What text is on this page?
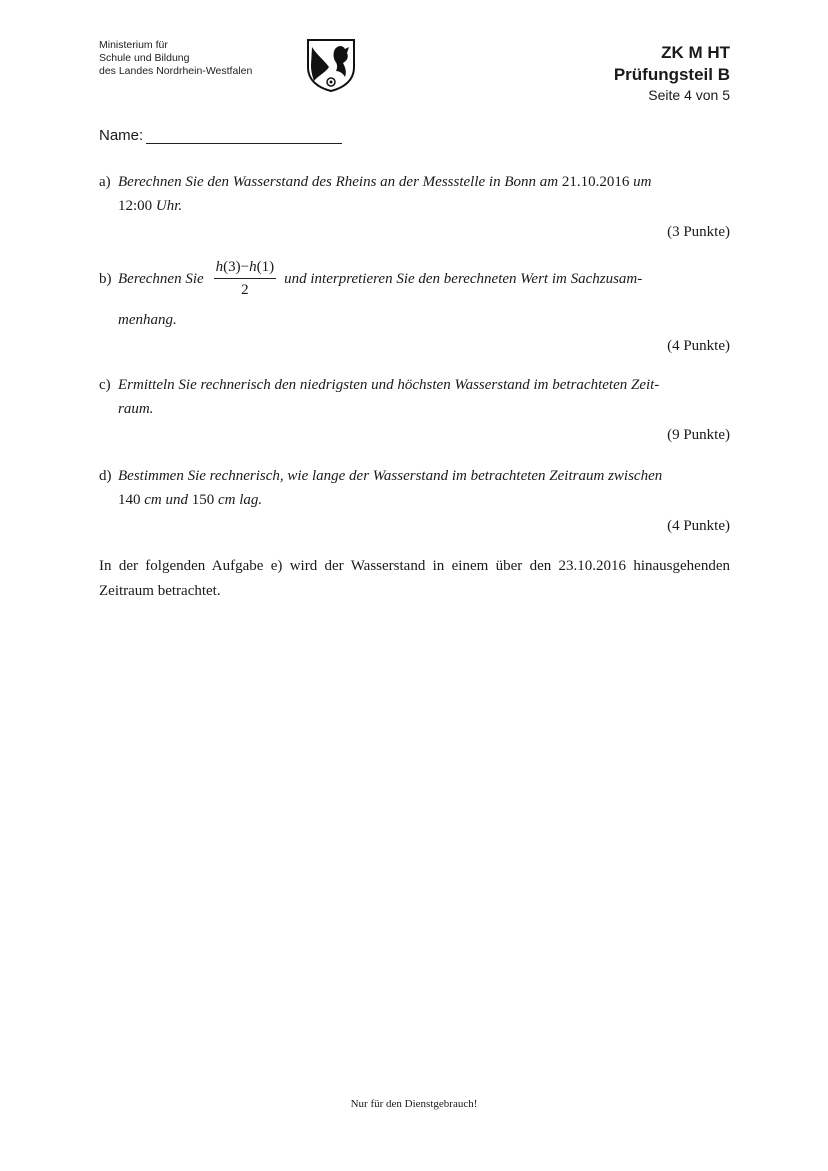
Ministerium für
Schule und Bildung
des Landes Nordrhein-Westfalen
ZK M HT
Prüfungsteil B
Seite 4 von 5
Name:
a) Berechnen Sie den Wasserstand des Rheins an der Messstelle in Bonn am 21.10.2016 um
12:00 Uhr.
(3 Punkte)
b) Berechnen Sie $\frac{h(3)-h(1)}{2}$ und interpretieren Sie den berechneten Wert im Sachzusam-
menhang.
(4 Punkte)
c) Ermitteln Sie rechnerisch den niedrigsten und höchsten Wasserstand im betrachteten Zeit-
raum.
(9 Punkte)
d) Bestimmen Sie rechnerisch, wie lange der Wasserstand im betrachteten Zeitraum zwischen
140 cm und 150 cm lag.
(4 Punkte)
In der folgenden Aufgabe e) wird der Wasserstand in einem über den 23.10.2016 hinausgehenden Zeitraum betrachtet.
Nur für den Dienstgebrauch!
